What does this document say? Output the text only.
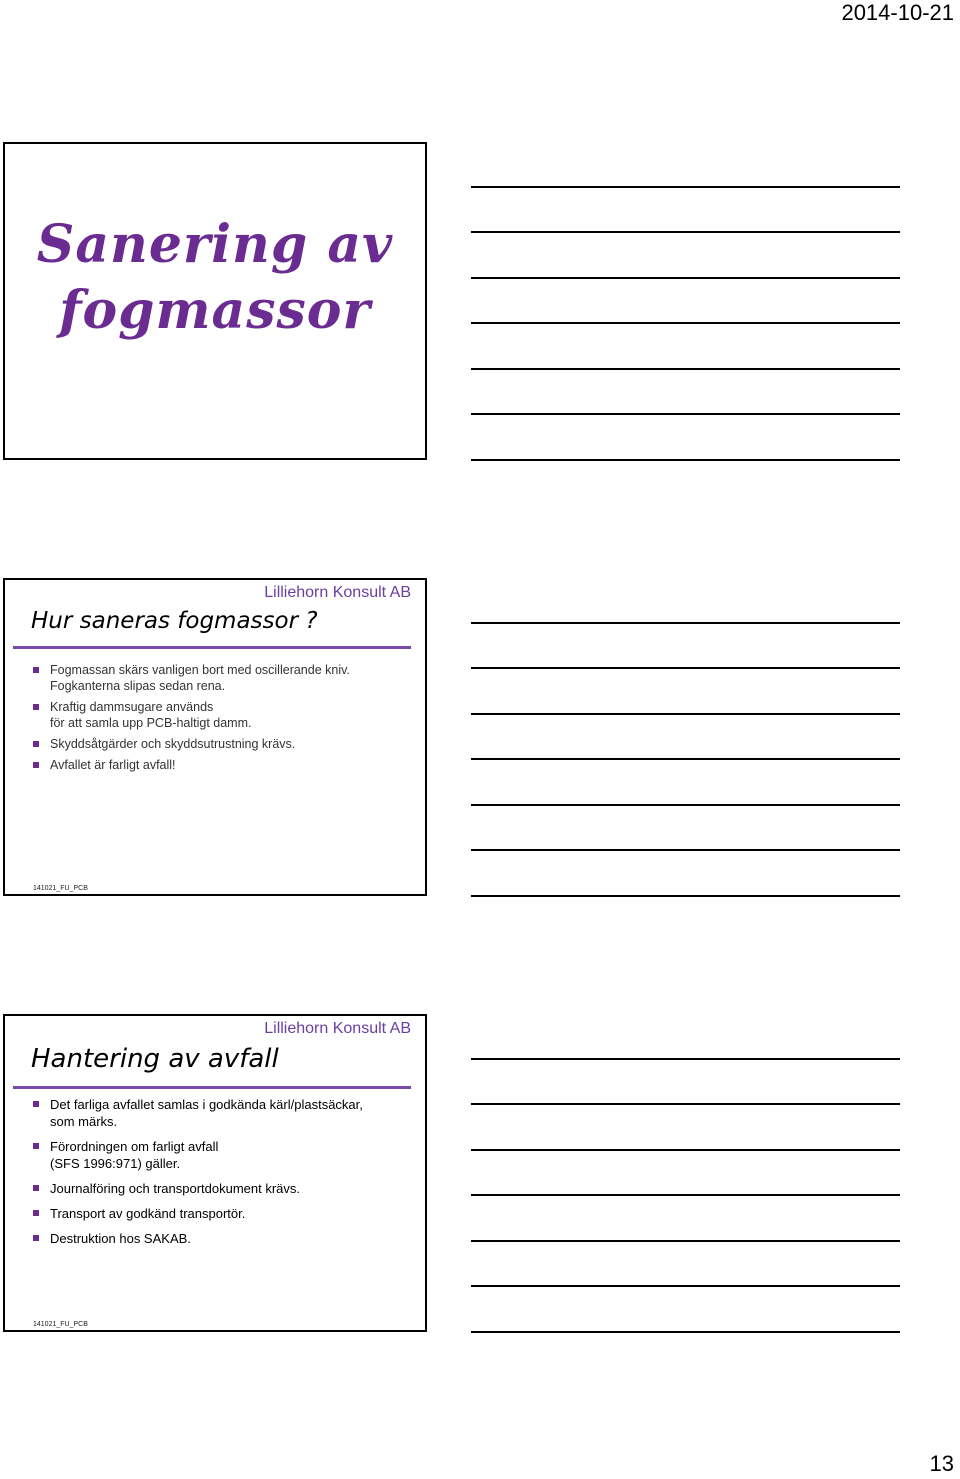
2014-10-21
Sanering av
fogmassor
Lilliehorn Konsult AB
Hur saneras fogmassor ?
Fogmassan skärs vanligen bort med oscillerande kniv.
Fogkanterna slipas sedan rena.
Kraftig dammsugare används
för att samla upp PCB-haltigt damm.
Skyddsåtgärder och skyddsutrustning krävs.
Avfallet är farligt avfall!
141021_FU_PCB
Lilliehorn Konsult AB
Hantering av avfall
Det farliga avfallet samlas i godkända kärl/plastsäckar,
som märks.
Förordningen om farligt avfall
(SFS 1996:971) gäller.
Journalföring och transportdokument krävs.
Transport av godkänd transportör.
Destruktion hos SAKAB.
141021_FU_PCB
13
